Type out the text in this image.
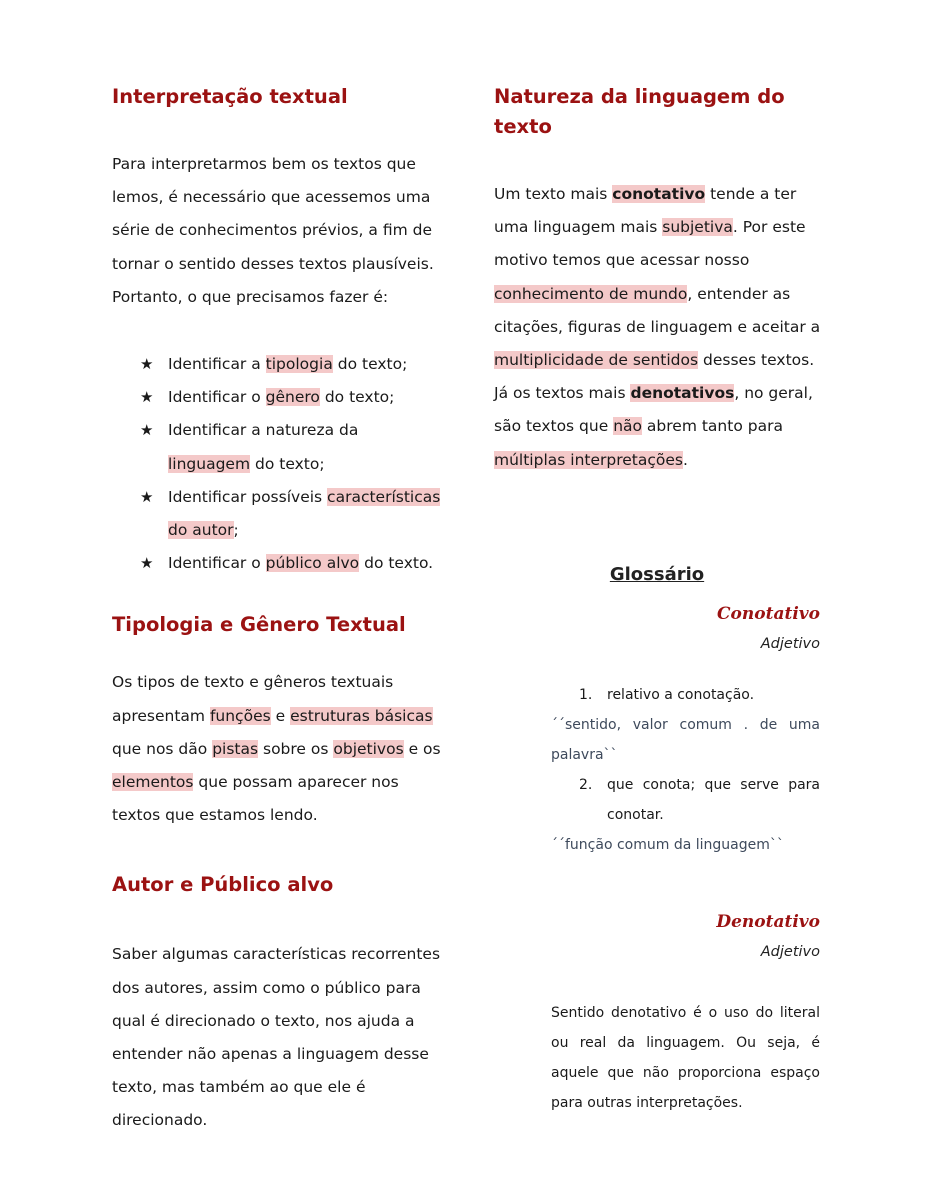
Interpretação textual

Para interpretarmos bem os textos que lemos, é necessário que acessemos uma série de conhecimentos prévios, a fim de tornar o sentido desses textos plausíveis. Portanto, o que precisamos fazer é:

★ Identificar a tipologia do texto;
★ Identificar o gênero do texto;
★ Identificar a natureza da linguagem do texto;
★ Identificar possíveis características do autor;
★ Identificar o público alvo do texto.
Tipologia e Gênero Textual

Os tipos de texto e gêneros textuais apresentam funções e estruturas básicas que nos dão pistas sobre os objetivos e os elementos que possam aparecer nos textos que estamos lendo.

Autor e Público alvo

Saber algumas características recorrentes dos autores, assim como o público para qual é direcionado o texto, nos ajuda a entender não apenas a linguagem desse texto, mas também ao que ele é direcionado.

Natureza da linguagem do texto

Um texto mais conotativo tende a ter uma linguagem mais subjetiva. Por este motivo temos que acessar nosso conhecimento de mundo, entender as citações, figuras de linguagem e aceitar a multiplicidade de sentidos desses textos. Já os textos mais denotativos, no geral, são textos que não abrem tanto para múltiplas interpretações.

Glossário
Conotativo
Adjetivo
1.	relativo a conotação.
´´sentido, valor comum . de uma palavra``
2.	que conota; que serve para conotar.
´´função comum da linguagem``
Denotativo
Adjetivo
Sentido denotativo é o uso do literal ou real da linguagem. Ou seja, é aquele que não proporciona espaço para outras interpretações.
